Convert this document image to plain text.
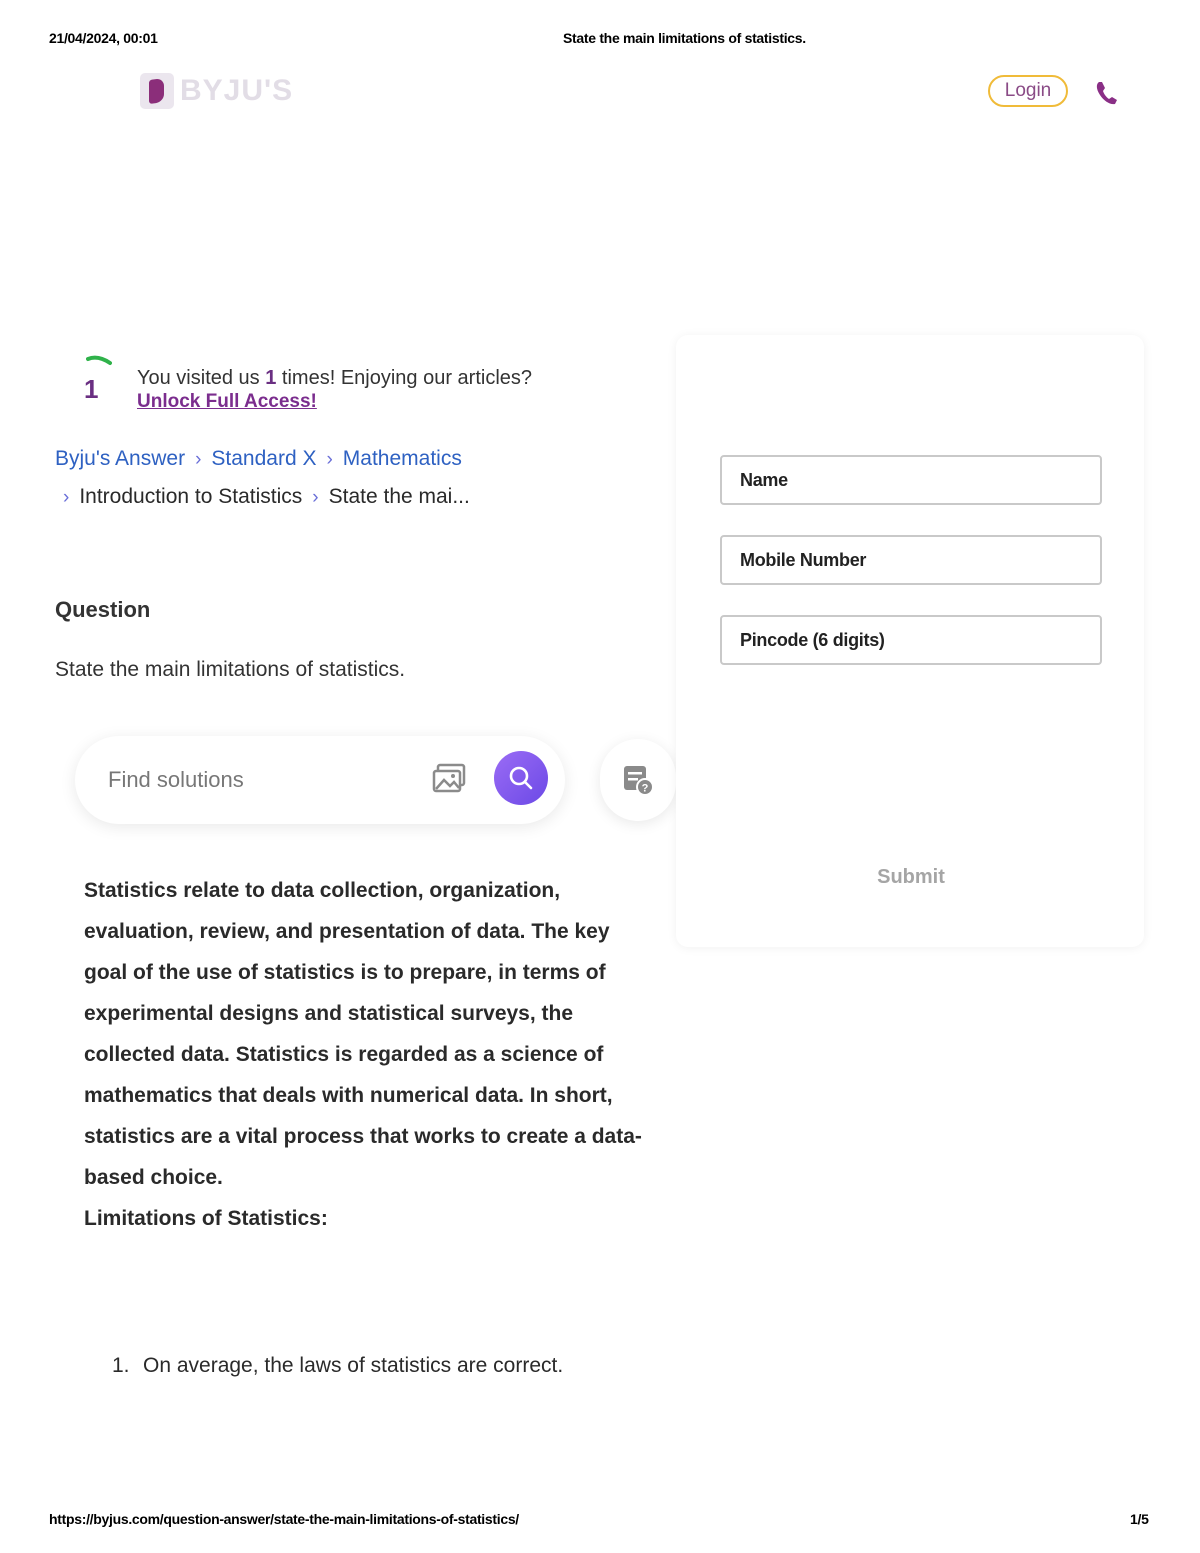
21/04/2024, 00:01	State the main limitations of statistics.
BYJU'S	Login
1 You visited us 1 times! Enjoying our articles?
Unlock Full Access!
Byju's Answer › Standard X › Mathematics
› Introduction to Statistics › State the mai...
Question
State the main limitations of statistics.
Find solutions	?
Statistics relate to data collection, organization, evaluation, review, and presentation of data. The key goal of the use of statistics is to prepare, in terms of experimental designs and statistical surveys, the collected data. Statistics is regarded as a science of mathematics that deals with numerical data. In short, statistics are a vital process that works to create a data-based choice.
Limitations of Statistics:
1. On average, the laws of statistics are correct.
Name
Mobile Number
Pincode (6 digits)
Submit
https://byjus.com/question-answer/state-the-main-limitations-of-statistics/	1/5
